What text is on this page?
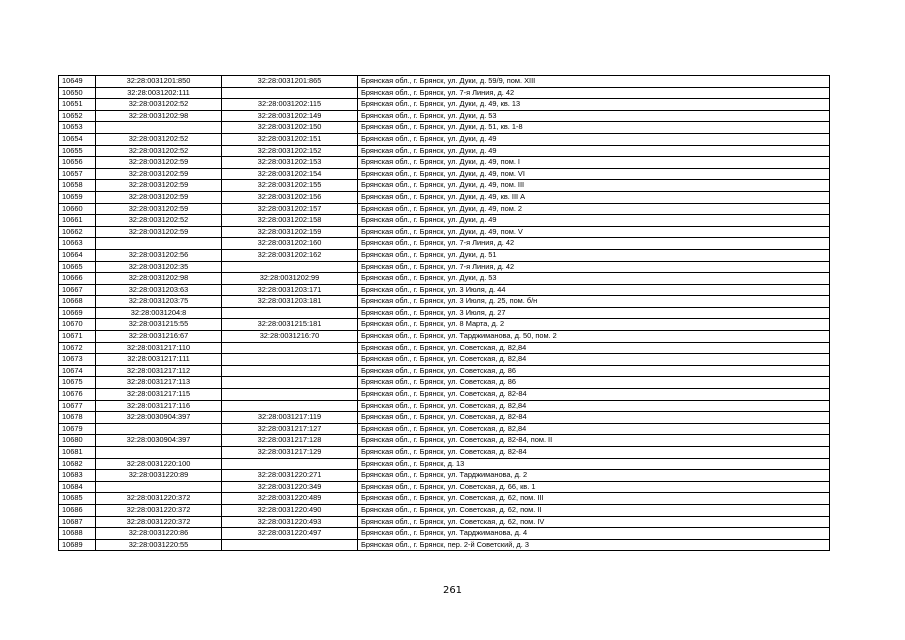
10649	32:28:0031201:850	32:28:0031201:865	Брянская обл., г. Брянск, ул. Дуки, д. 59/9, пом. XIII
10650	32:28:0031202:111		Брянская обл., г. Брянск, ул. 7-я Линия, д. 42
10651	32:28:0031202:52	32:28:0031202:115	Брянская обл., г. Брянск, ул. Дуки, д. 49, кв. 13
10652	32:28:0031202:98	32:28:0031202:149	Брянская обл., г. Брянск, ул. Дуки, д. 53
10653		32:28:0031202:150	Брянская обл., г. Брянск, ул. Дуки, д. 51, кв. 1-8
10654	32:28:0031202:52	32:28:0031202:151	Брянская обл., г. Брянск, ул. Дуки, д. 49
10655	32:28:0031202:52	32:28:0031202:152	Брянская обл., г. Брянск, ул. Дуки, д. 49
10656	32:28:0031202:59	32:28:0031202:153	Брянская обл., г. Брянск, ул. Дуки, д. 49, пом. I
10657	32:28:0031202:59	32:28:0031202:154	Брянская обл., г. Брянск, ул. Дуки, д. 49, пом. VI
10658	32:28:0031202:59	32:28:0031202:155	Брянская обл., г. Брянск, ул. Дуки, д. 49, пом. III
10659	32:28:0031202:59	32:28:0031202:156	Брянская обл., г. Брянск, ул. Дуки, д. 49, кв. III А
10660	32:28:0031202:59	32:28:0031202:157	Брянская обл., г. Брянск, ул. Дуки, д. 49, пом. 2
10661	32:28:0031202:52	32:28:0031202:158	Брянская обл., г. Брянск, ул. Дуки, д. 49
10662	32:28:0031202:59	32:28:0031202:159	Брянская обл., г. Брянск, ул. Дуки, д. 49, пом. V
10663		32:28:0031202:160	Брянская обл., г. Брянск, ул. 7-я Линия, д. 42
10664	32:28:0031202:56	32:28:0031202:162	Брянская обл., г. Брянск, ул. Дуки, д. 51
10665	32:28:0031202:35		Брянская обл., г. Брянск, ул. 7-я Линия, д. 42
10666	32:28:0031202:98	32:28:0031202:99	Брянская обл., г. Брянск, ул. Дуки, д. 53
10667	32:28:0031203:63	32:28:0031203:171	Брянская обл., г. Брянск, ул. 3 Июля, д. 44
10668	32:28:0031203:75	32:28:0031203:181	Брянская обл., г. Брянск, ул. 3 Июля, д. 25, пом. б/н
10669	32:28:0031204:8		Брянская обл., г. Брянск, ул. 3 Июля, д. 27
10670	32:28:0031215:55	32:28:0031215:181	Брянская обл., г. Брянск, ул. 8 Марта, д. 2
10671	32:28:0031216:67	32:28:0031216:70	Брянская обл., г. Брянск, ул. Тарджиманова, д. 50, пом. 2
10672	32:28:0031217:110		Брянская обл., г. Брянск, ул. Советская, д. 82,84
10673	32:28:0031217:111		Брянская обл., г. Брянск, ул. Советская, д. 82,84
10674	32:28:0031217:112		Брянская обл., г. Брянск, ул. Советская, д. 86
10675	32:28:0031217:113		Брянская обл., г. Брянск, ул. Советская, д. 86
10676	32:28:0031217:115		Брянская обл., г. Брянск, ул. Советская, д. 82-84
10677	32:28:0031217:116		Брянская обл., г. Брянск, ул. Советская, д. 82,84
10678	32:28:0030904:397	32:28:0031217:119	Брянская обл., г. Брянск, ул. Советская, д. 82-84
10679		32:28:0031217:127	Брянская обл., г. Брянск, ул. Советская, д. 82,84
10680	32:28:0030904:397	32:28:0031217:128	Брянская обл., г. Брянск, ул. Советская, д. 82-84, пом. II
10681		32:28:0031217:129	Брянская обл., г. Брянск, ул. Советская, д. 82-84
10682	32:28:0031220:100		Брянская обл., г. Брянск, д. 13
10683	32:28:0031220:89	32:28:0031220:271	Брянская обл., г. Брянск, ул. Тарджиманова, д. 2
10684		32:28:0031220:349	Брянская обл., г. Брянск, ул. Советская, д. 66, кв. 1
10685	32:28:0031220:372	32:28:0031220:489	Брянская обл., г. Брянск, ул. Советская, д. 62, пом. III
10686	32:28:0031220:372	32:28:0031220:490	Брянская обл., г. Брянск, ул. Советская, д. 62, пом. II
10687	32:28:0031220:372	32:28:0031220:493	Брянская обл., г. Брянск, ул. Советская, д. 62, пом. IV
10688	32:28:0031220:86	32:28:0031220:497	Брянская обл., г. Брянск, ул. Тарджиманова, д. 4
10689	32:28:0031220:55		Брянская обл., г. Брянск, пер. 2-й Советский, д. 3
261
